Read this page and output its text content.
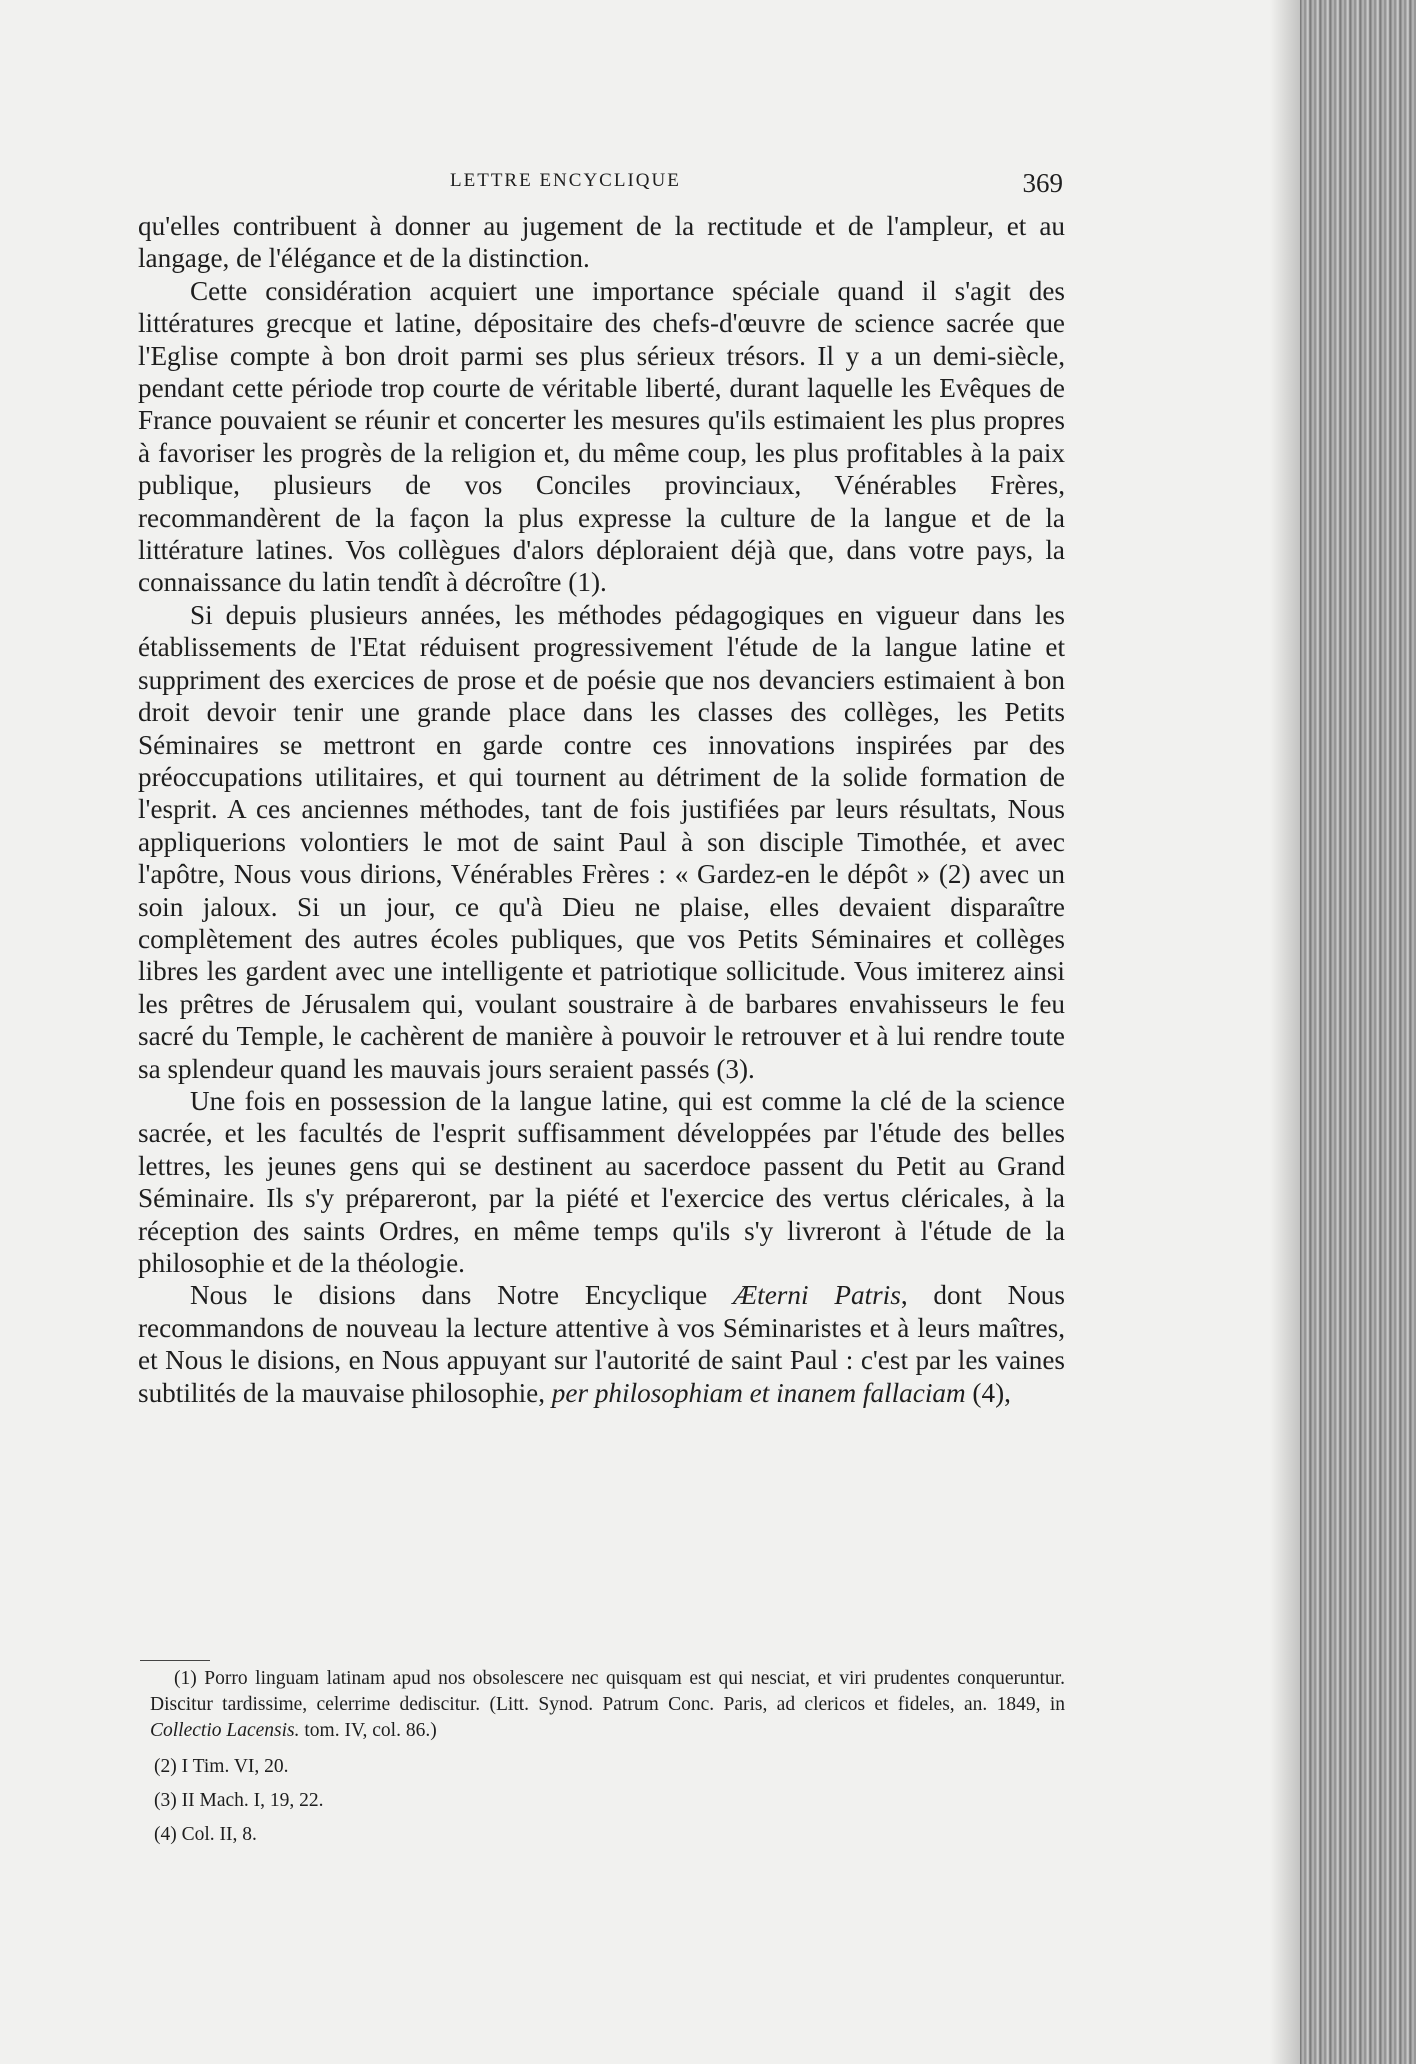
LETTRE ENCYCLIQUE	369

qu'elles contribuent à donner au jugement de la rectitude et de l'ampleur, et au langage, de l'élégance et de la distinction.

Cette considération acquiert une importance spéciale quand il s'agit des littératures grecque et latine, dépositaire des chefs-d'œuvre de science sacrée que l'Eglise compte à bon droit parmi ses plus sérieux trésors. Il y a un demi-siècle, pendant cette période trop courte de véritable liberté, durant laquelle les Evêques de France pouvaient se réunir et concerter les mesures qu'ils estimaient les plus propres à favoriser les progrès de la religion et, du même coup, les plus profitables à la paix publique, plusieurs de vos Conciles provinciaux, Vénérables Frères, recommandèrent de la façon la plus expresse la culture de la langue et de la littérature latines. Vos collègues d'alors déploraient déjà que, dans votre pays, la connaissance du latin tendît à décroître (1).

Si depuis plusieurs années, les méthodes pédagogiques en vigueur dans les établissements de l'Etat réduisent progressivement l'étude de la langue latine et suppriment des exercices de prose et de poésie que nos devanciers estimaient à bon droit devoir tenir une grande place dans les classes des collèges, les Petits Séminaires se mettront en garde contre ces innovations inspirées par des préoccupations utilitaires, et qui tournent au détriment de la solide formation de l'esprit. A ces anciennes méthodes, tant de fois justifiées par leurs résultats, Nous appliquerions volontiers le mot de saint Paul à son disciple Timothée, et avec l'apôtre, Nous vous dirions, Vénérables Frères : « Gardez-en le dépôt » (2) avec un soin jaloux. Si un jour, ce qu'à Dieu ne plaise, elles devaient disparaître complètement des autres écoles publiques, que vos Petits Séminaires et collèges libres les gardent avec une intelligente et patriotique sollicitude. Vous imiterez ainsi les prêtres de Jérusalem qui, voulant soustraire à de barbares envahisseurs le feu sacré du Temple, le cachèrent de manière à pouvoir le retrouver et à lui rendre toute sa splendeur quand les mauvais jours seraient passés (3).

Une fois en possession de la langue latine, qui est comme la clé de la science sacrée, et les facultés de l'esprit suffisamment développées par l'étude des belles lettres, les jeunes gens qui se destinent au sacerdoce passent du Petit au Grand Séminaire. Ils s'y prépareront, par la piété et l'exercice des vertus cléricales, à la réception des saints Ordres, en même temps qu'ils s'y livreront à l'étude de la philosophie et de la théologie.

Nous le disions dans Notre Encyclique Æterni Patris, dont Nous recommandons de nouveau la lecture attentive à vos Séminaristes et à leurs maîtres, et Nous le disions, en Nous appuyant sur l'autorité de saint Paul : c'est par les vaines subtilités de la mauvaise philosophie, per philosophiam et inanem fallaciam (4),

(1) Porro linguam latinam apud nos obsolescere nec quisquam est qui nesciat, et viri prudentes conqueruntur. Discitur tardissime, celerrime dediscitur. (Litt. Synod. Patrum Conc. Paris, ad clericos et fideles, an. 1849, in Collectio Lacensis. tom. IV, col. 86.)

(2) I Tim. VI, 20.

(3) II Mach. I, 19, 22.

(4) Col. II, 8.
